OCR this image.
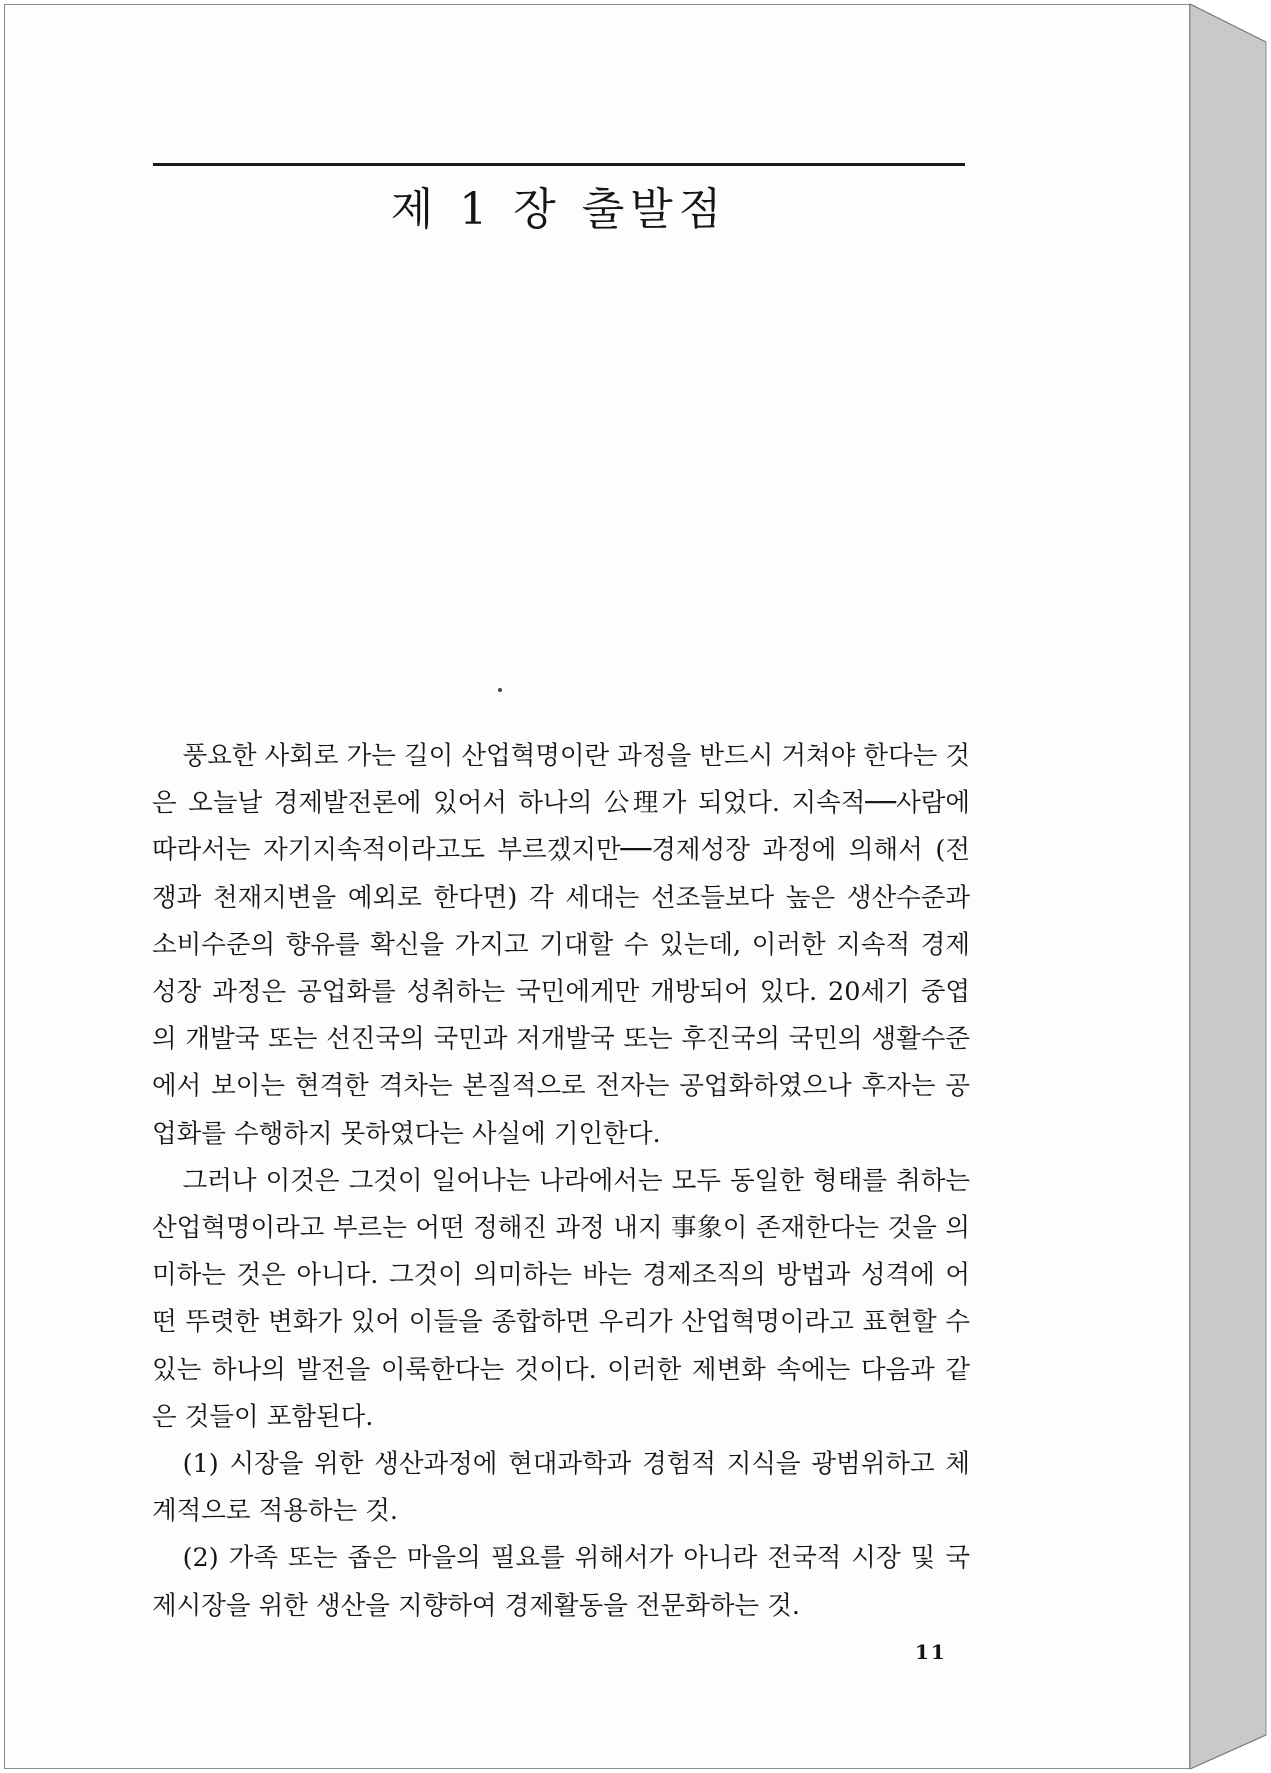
제 1 장 출발점

풍요한 사회로 가는 길이 산업혁명이란 과정을 반드시 거쳐야 한다는 것은 오늘날 경제발전론에 있어서 하나의 公理가 되었다. 지속적──사람에 따라서는 자기지속적이라고도 부르겠지만──경제성장 과정에 의해서 (전쟁과 천재지변을 예외로 한다면) 각 세대는 선조들보다 높은 생산수준과 소비수준의 향유를 확신을 가지고 기대할 수 있는데, 이러한 지속적 경제성장 과정은 공업화를 성취하는 국민에게만 개방되어 있다. 20세기 중엽의 개발국 또는 선진국의 국민과 저개발국 또는 후진국의 국민의 생활수준에서 보이는 현격한 격차는 본질적으로 전자는 공업화하였으나 후자는 공업화를 수행하지 못하였다는 사실에 기인한다.

그러나 이것은 그것이 일어나는 나라에서는 모두 동일한 형태를 취하는 산업혁명이라고 부르는 어떤 정해진 과정 내지 事象이 존재한다는 것을 의미하는 것은 아니다. 그것이 의미하는 바는 경제조직의 방법과 성격에 어떤 뚜렷한 변화가 있어 이들을 종합하면 우리가 산업혁명이라고 표현할 수 있는 하나의 발전을 이룩한다는 것이다. 이러한 제변화 속에는 다음과 같은 것들이 포함된다.

(1) 시장을 위한 생산과정에 현대과학과 경험적 지식을 광범위하고 체계적으로 적용하는 것.

(2) 가족 또는 좁은 마을의 필요를 위해서가 아니라 전국적 시장 및 국제시장을 위한 생산을 지향하여 경제활동을 전문화하는 것.

11
